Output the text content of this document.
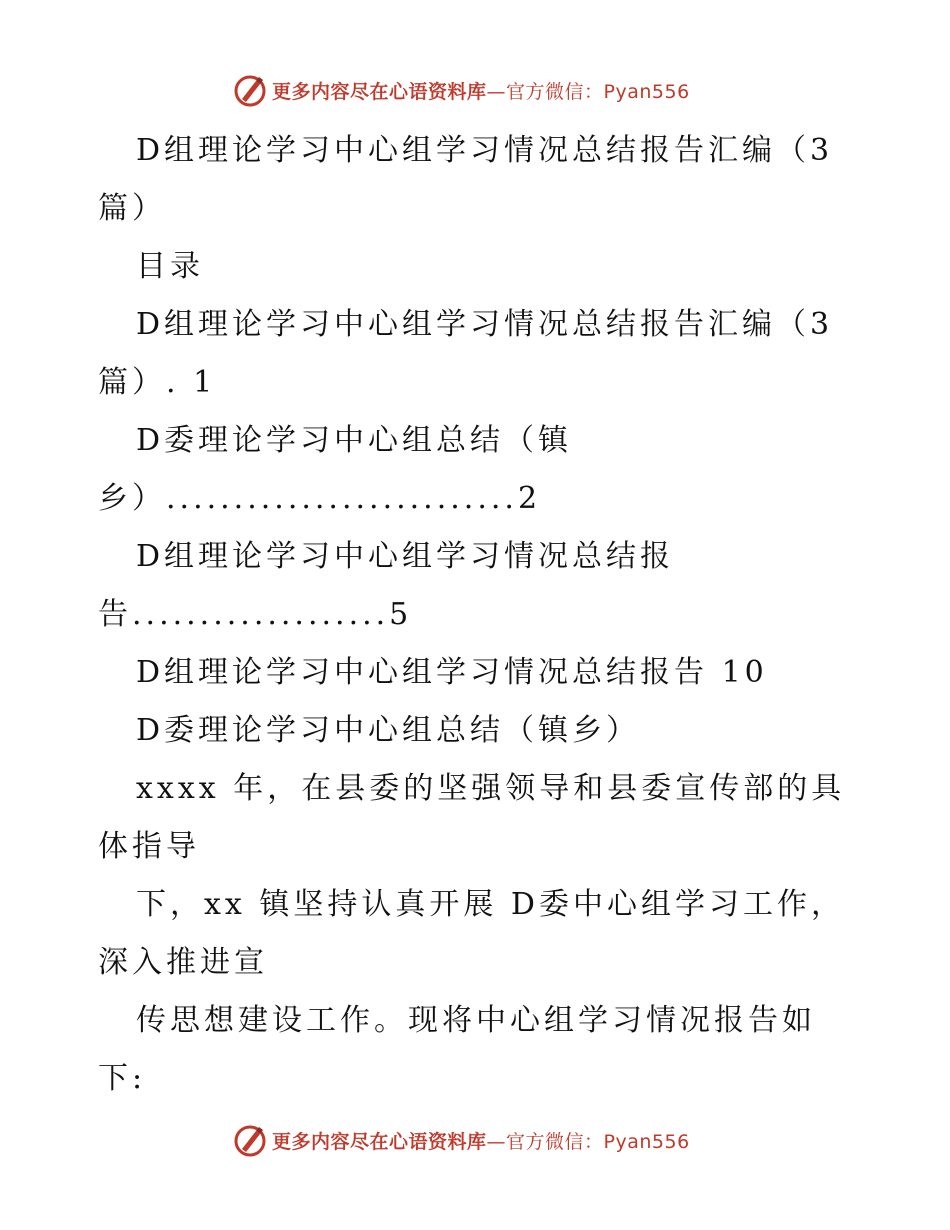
更多内容尽在心语资料库 —官方微信：Pyan556
D组理论学习中心组学习情况总结报告汇编（3
篇）
目录
D组理论学习中心组学习情况总结报告汇编（3
篇）. 1
D委理论学习中心组总结（镇
乡）..........................2
D组理论学习中心组学习情况总结报
告...................5
D组理论学习中心组学习情况总结报告 10
D委理论学习中心组总结（镇乡）
xxxx 年，在县委的坚强领导和县委宣传部的具
体指导
下，xx 镇坚持认真开展 D委中心组学习工作，
深入推进宣
传思想建设工作。现将中心组学习情况报告如
下:
更多内容尽在心语资料库 —官方微信：Pyan556
